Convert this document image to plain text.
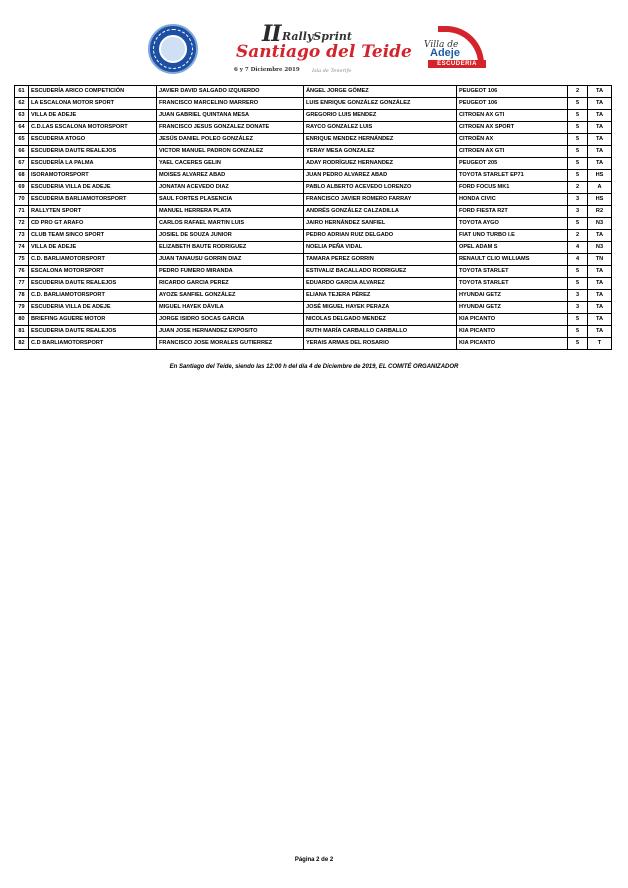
II RallySprint
Santiago del Teide
6 y 7 Diciembre 2019 Isla de Tenerife
Villa de
Adeje
ESCUDERIA
61	ESCUDERÍA ARICO COMPETICIÓN	JAVIER DAVID SALGADO IZQUIERDO	ÁNGEL JORGE GÓMEZ	PEUGEOT 106	2	TA
62	LA ESCALONA MOTOR SPORT	FRANCISCO MARCELINO MARRERO	LUIS ENRIQUE GONZÁLEZ GONZÁLEZ	PEUGEOT 106	5	TA
63	VILLA DE ADEJE	JUAN GABRIEL QUINTANA MESA	GREGORIO LUIS MENDEZ	CITROEN AX GTI	5	TA
64	C.D.LAS ESCALONA MOTORSPORT	FRANCISCO JESUS GONZALEZ DONATE	RAYCO GONZALEZ LUIS	CITROEN AX SPORT	5	TA
65	ESCUDERIA ATOGO	JESÚS DANIEL POLEO GONZÁLEZ	ENRIQUE MENDEZ HERNÁNDEZ	CITROËN AX	5	TA
66	ESCUDERIA DAUTE REALEJOS	VICTOR MANUEL PADRON GONZALEZ	YERAY MESA GONZALEZ	CITROEN AX GTI	5	TA
67	ESCUDERÍA LA PALMA	YAEL CACERES GELIN	ADAY RODRÍGUEZ HERNANDEZ	PEUGEOT 205	5	TA
68	ISORAMOTORSPORT	MOISES ALVAREZ ABAD	JUAN PEDRO ALVAREZ ABAD	TOYOTA STARLET EP71	5	HS
69	ESCUDERIA VILLA DE ADEJE	JONATAN ACEVEDO DIAZ	PABLO ALBERTO ACEVEDO LORENZO	FORD FOCUS MK1	2	A
70	ESCUDERIA BARLIAMOTORSPORT	SAUL FORTES PLASENCIA	FRANCISCO JAVIER ROMERO FARRAY	HONDA CIVIC	3	HS
71	RALLYTEN SPORT	MANUEL HERRERA PLATA	ANDRÉS GONZÁLEZ CALZADILLA	FORD FIESTA R2T	3	R2
72	CD PRO GT ARAFO	CARLOS RAFAEL MARTIN LUIS	JAIRO HERNÁNDEZ SANFIEL	TOYOTA AYGO	5	N3
73	CLUB TEAM SINCO SPORT	JOSIEL DE SOUZA JUNIOR	PEDRO ADRIAN RUIZ DELGADO	FIAT UNO TURBO I.E	2	TA
74	VILLA DE ADEJE	ELIZABETH BAUTE RODRIGUEZ	NOELIA PEÑA VIDAL	OPEL ADAM S	4	N3
75	C.D. BARLIAMOTORSPORT	JUAN TANAUSU GORRIN DIAZ	TAMARA PEREZ GORRIN	RENAULT CLIO WILLIAMS	4	TN
76	ESCALONA MOTORSPORT	PEDRO FUMERO MIRANDA	ESTIVALIZ BACALLADO RODRIGUEZ	TOYOTA STARLET	5	TA
77	ESCUDERIA DAUTE REALEJOS	RICARDO GARCIA PEREZ	EDUARDO GARCIA ALVAREZ	TOYOTA STARLET	5	TA
78	C.D. BARLIAMOTORSPORT	AYOZE SANFIEL GONZÁLEZ	ELIANA TEJERA PÉREZ	HYUNDAI GETZ	3	TA
79	ESCUDERIA VILLA DE ADEJE	MIGUEL HAYEK DÁVILA	JOSÉ MIGUEL HAYEK PERAZA	HYUNDAI GETZ	3	TA
80	BRIEFING AGUERE MOTOR	JORGE ISIDRO SOCAS GARCIA	NICOLAS DELGADO MENDEZ	KIA PICANTO	5	TA
81	ESCUDERIA DAUTE REALEJOS	JUAN JOSE HERNANDEZ EXPOSITO	RUTH MARÍA CARBALLO CARBALLO	KIA PICANTO	5	TA
82	C.D BARLIAMOTORSPORT	FRANCISCO JOSE MORALES GUTIERREZ	YERAIS ARMAS DEL ROSARIO	KIA PICANTO	5	T
En Santiago del Teide, siendo las 12:00 h del día 4 de Diciembre de 2019, EL COMITÉ ORGANIZADOR
Página 2 de 2
